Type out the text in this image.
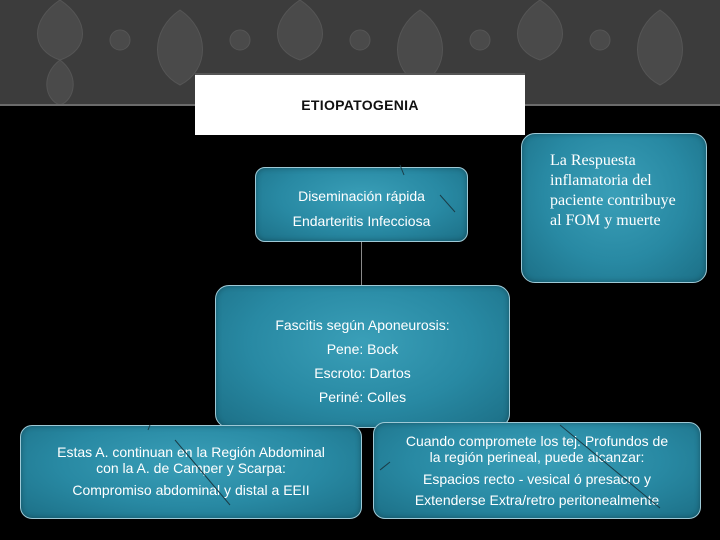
ETIOPATOGENIA
Diseminación rápida
Endarteritis Infecciosa
La Respuesta
inflamatoria del
paciente contribuye
al FOM y muerte
Fascitis según Aponeurosis:
Pene: Bock
Escroto: Dartos
Periné: Colles
Estas A. continuan en la Región Abdominal
con la A. de Camper y Scarpa:
Compromiso abdominal y distal a EEII
Cuando compromete los tej. Profundos de
la región perineal, puede alcanzar:
Espacios recto - vesical ó presacro y
Extenderse Extra/retro peritonealmente
